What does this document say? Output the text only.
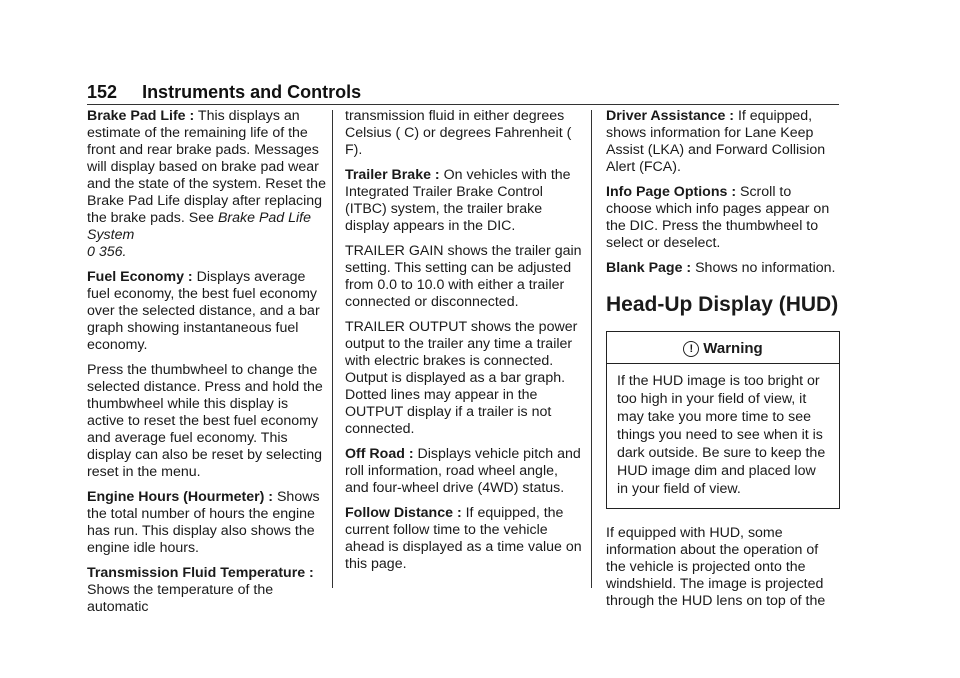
152 Instruments and Controls

Brake Pad Life : This displays an estimate of the remaining life of the front and rear brake pads. Messages will display based on brake pad wear and the state of the system. Reset the Brake Pad Life display after replacing the brake pads. See Brake Pad Life System
0 356.

Fuel Economy : Displays average fuel economy, the best fuel economy over the selected distance, and a bar graph showing instantaneous fuel economy.

Press the thumbwheel to change the selected distance. Press and hold the thumbwheel while this display is active to reset the best fuel economy and average fuel economy. This display can also be reset by selecting reset in the menu.

Engine Hours (Hourmeter) : Shows the total number of hours the engine has run. This display also shows the engine idle hours.

Transmission Fluid Temperature : Shows the temperature of the automatic

transmission fluid in either degrees Celsius ( C) or degrees Fahrenheit ( F).

Trailer Brake : On vehicles with the Integrated Trailer Brake Control (ITBC) system, the trailer brake display appears in the DIC.

TRAILER GAIN shows the trailer gain setting. This setting can be adjusted from 0.0 to 10.0 with either a trailer connected or disconnected.

TRAILER OUTPUT shows the power output to the trailer any time a trailer with electric brakes is connected. Output is displayed as a bar graph. Dotted lines may appear in the OUTPUT display if a trailer is not connected.

Off Road : Displays vehicle pitch and roll information, road wheel angle, and four-wheel drive (4WD) status.

Follow Distance : If equipped, the current follow time to the vehicle ahead is displayed as a time value on this page.

Driver Assistance : If equipped, shows information for Lane Keep Assist (LKA) and Forward Collision Alert (FCA).

Info Page Options : Scroll to choose which info pages appear on the DIC. Press the thumbwheel to select or deselect.

Blank Page : Shows no information.

Head-Up Display (HUD)
! Warning
If the HUD image is too bright or too high in your field of view, it may take you more time to see things you need to see when it is dark outside. Be sure to keep the HUD image dim and placed low in your field of view.

If equipped with HUD, some information about the operation of the vehicle is projected onto the windshield. The image is projected through the HUD lens on top of the
